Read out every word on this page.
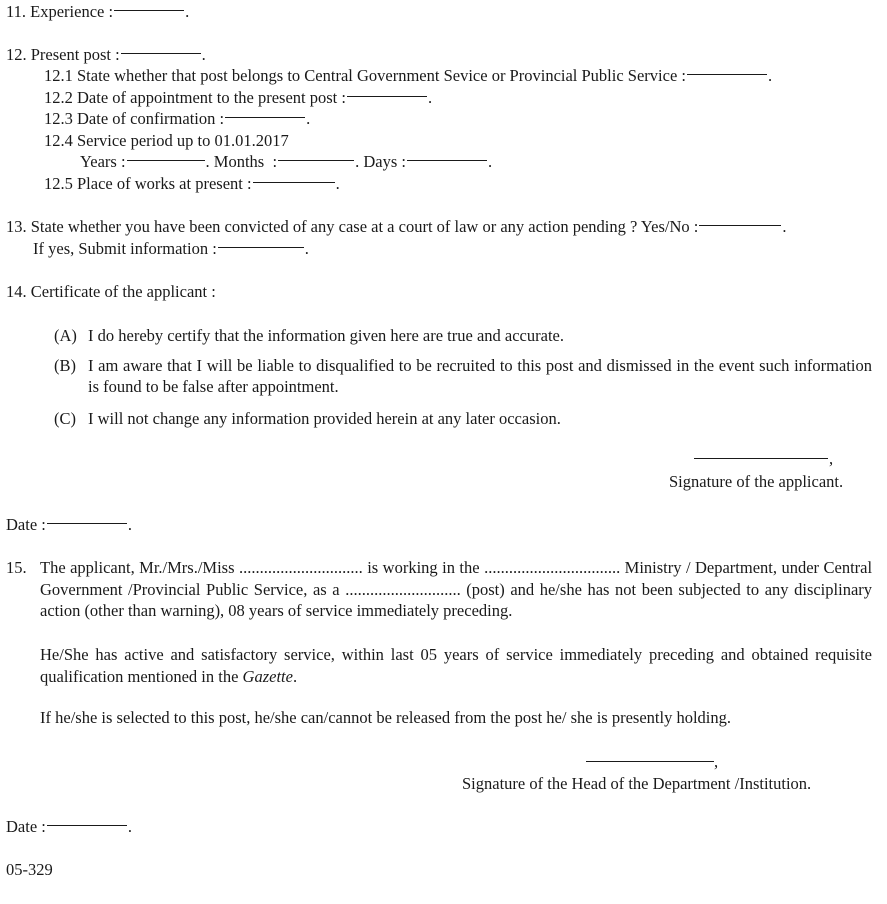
11. Experience :	.
12. Present post :	.
12.1 State whether that post belongs to Central Government Sevice or Provincial Public Service :	.
12.2 Date of appointment to the present post :	.
12.3 Date of confirmation :	.
12.4 Service period up to 01.01.2017
Years :	. Months :	. Days :	.
12.5 Place of works at present :	.
13. State whether you have been convicted of any case at a court of law or any action pending ? Yes/No :	.
If yes, Submit information :	.
14. Certificate of the applicant :
(A) I do hereby certify that the information given here are true and accurate.
(B) I am aware that I will be liable to disqualified to be recruited to this post and dismissed in the event such information is found to be false after appointment.
(C) I will not change any information provided herein at any later occasion.
,
Signature of the applicant.
Date :	.
15. The applicant, Mr./Mrs./Miss .............................. is working in the ................................. Ministry / Department, under Central Government /Provincial Public Service, as a ............................ (post) and he/she has not been subjected to any disciplinary action (other than warning), 08 years of service immediately preceding.
He/She has active and satisfactory service, within last 05 years of service immediately preceding and obtained requisite qualification mentioned in the Gazette.
If he/she is selected to this post, he/she can/cannot be released from the post he/ she is presently holding.
,
Signature of the Head of the Department /Institution.
Date :	.
05-329
